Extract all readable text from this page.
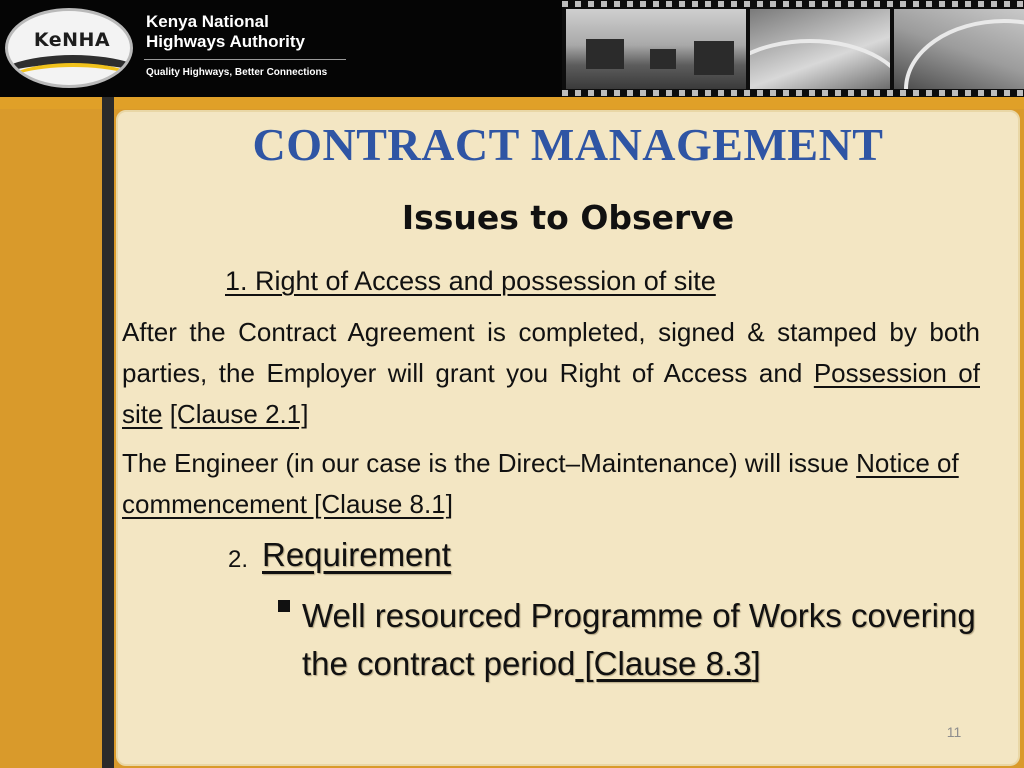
KeNHA
Kenya National
Highways Authority
Quality Highways, Better Connections
CONTRACT MANAGEMENT
Issues to Observe
1. Right of Access and possession of site
After the Contract Agreement is completed, signed & stamped by both parties, the Employer will grant you Right of Access and Possession of site [Clause 2.1]
The Engineer (in our case is the Direct–Maintenance) will issue Notice of commencement [Clause 8.1]
2. Requirement
Well resourced Programme of Works covering the contract period [Clause 8.3]
11
